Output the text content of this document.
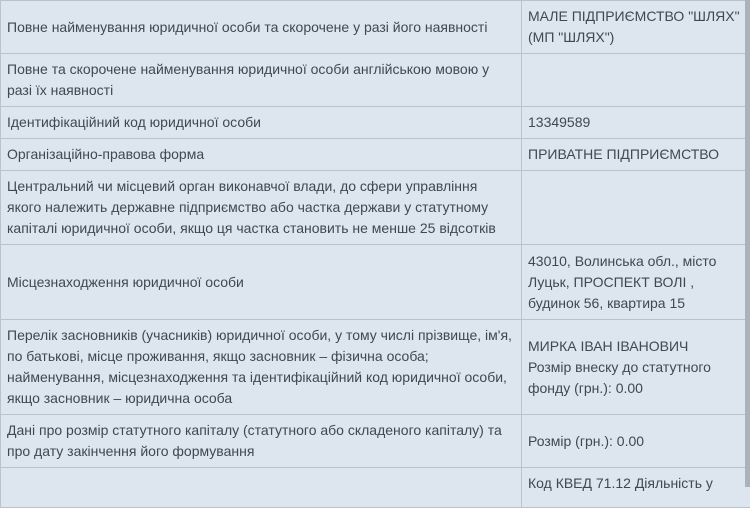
Повне найменування юридичної особи та скорочене у разі його наявності	МАЛЕ ПІДПРИЄМСТВО "ШЛЯХ" (МП "ШЛЯХ")
Повне та скорочене найменування юридичної особи англійською мовою у разі їх наявності	
Ідентифікаційний код юридичної особи	13349589
Організаційно-правова форма	ПРИВАТНЕ ПІДПРИЄМСТВО
Центральний чи місцевий орган виконавчої влади, до сфери управління якого належить державне підприємство або частка держави у статутному капіталі юридичної особи, якщо ця частка становить не менше 25 відсотків	
Місцезнаходження юридичної особи	43010, Волинська обл., місто Луцьк, ПРОСПЕКТ ВОЛІ , будинок 56, квартира 15
Перелік засновників (учасників) юридичної особи, у тому числі прізвище, ім'я, по батькові, місце проживання, якщо засновник – фізична особа; найменування, місцезнаходження та ідентифікаційний код юридичної особи, якщо засновник – юридична особа	МИРКА ІВАН ІВАНОВИЧ
Розмір внеску до статутного фонду (грн.): 0.00

Дані про розмір статутного капіталу (статутного або складеного капіталу) та про дату закінчення його формування	Розмір (грн.): 0.00
	Код КВЕД 71.12 Діяльність у
